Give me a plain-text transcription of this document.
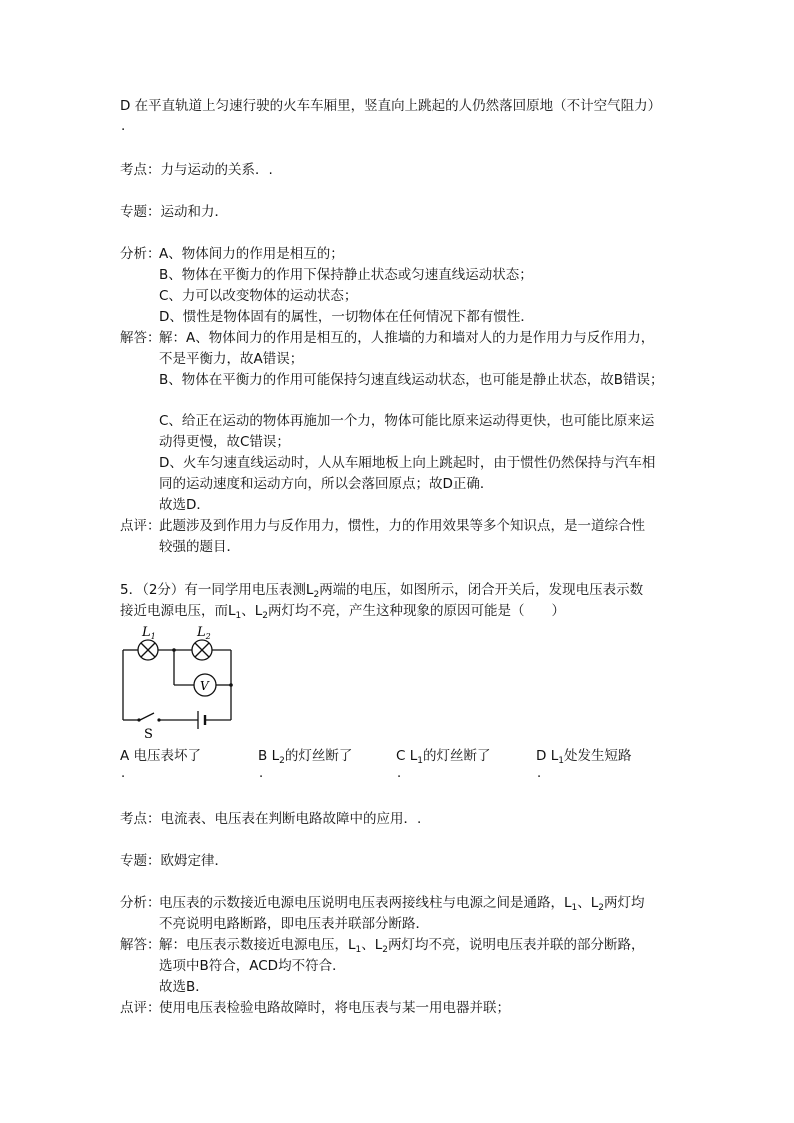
D 在平直轨道上匀速行驶的火车车厢里，竖直向上跳起的人仍然落回原地（不计空气阻力）
.
考点：力与运动的关系．.
专题：运动和力．
分析：
A、物体间力的作用是相互的；
B、物体在平衡力的作用下保持静止状态或匀速直线运动状态；
C、力可以改变物体的运动状态；
D、惯性是物体固有的属性，一切物体在任何情况下都有惯性．
解答：
解：A、物体间力的作用是相互的，人推墙的力和墙对人的力是作用力与反作用力，
不是平衡力，故A错误；
B、物体在平衡力的作用可能保持匀速直线运动状态，也可能是静止状态，故B错误；
C、给正在运动的物体再施加一个力，物体可能比原来运动得更快，也可能比原来运
动得更慢，故C错误；
D、火车匀速直线运动时，人从车厢地板上向上跳起时，由于惯性仍然保持与汽车相
同的运动速度和运动方向，所以会落回原点；故D正确．
故选D．
点评：
此题涉及到作用力与反作用力，惯性，力的作用效果等多个知识点，是一道综合性
较强的题目．
5．（2分）有一同学用电压表测$L_2$两端的电压，如图所示，闭合开关后，发现电压表示数
接近电源电压，而$L_1$、$L_2$两灯均不亮，产生这种现象的原因可能是（　　）
$L_1$	$L_2$
V
S
A 电压表坏了	B $L_2$的灯丝断了	C $L_1$的灯丝断了	D $L_1$处发生短路
.	.	.	.
考点：电流表、电压表在判断电路故障中的应用．.
专题：欧姆定律．
分析：
电压表的示数接近电源电压说明电压表两接线柱与电源之间是通路，$L_1$、$L_2$两灯均
不亮说明电路断路，即电压表并联部分断路．
解答：
解：电压表示数接近电源电压，$L_1$、$L_2$两灯均不亮，说明电压表并联的部分断路，
选项中B符合，ACD均不符合．
故选B．
点评：
使用电压表检验电路故障时，将电压表与某一用电器并联；
